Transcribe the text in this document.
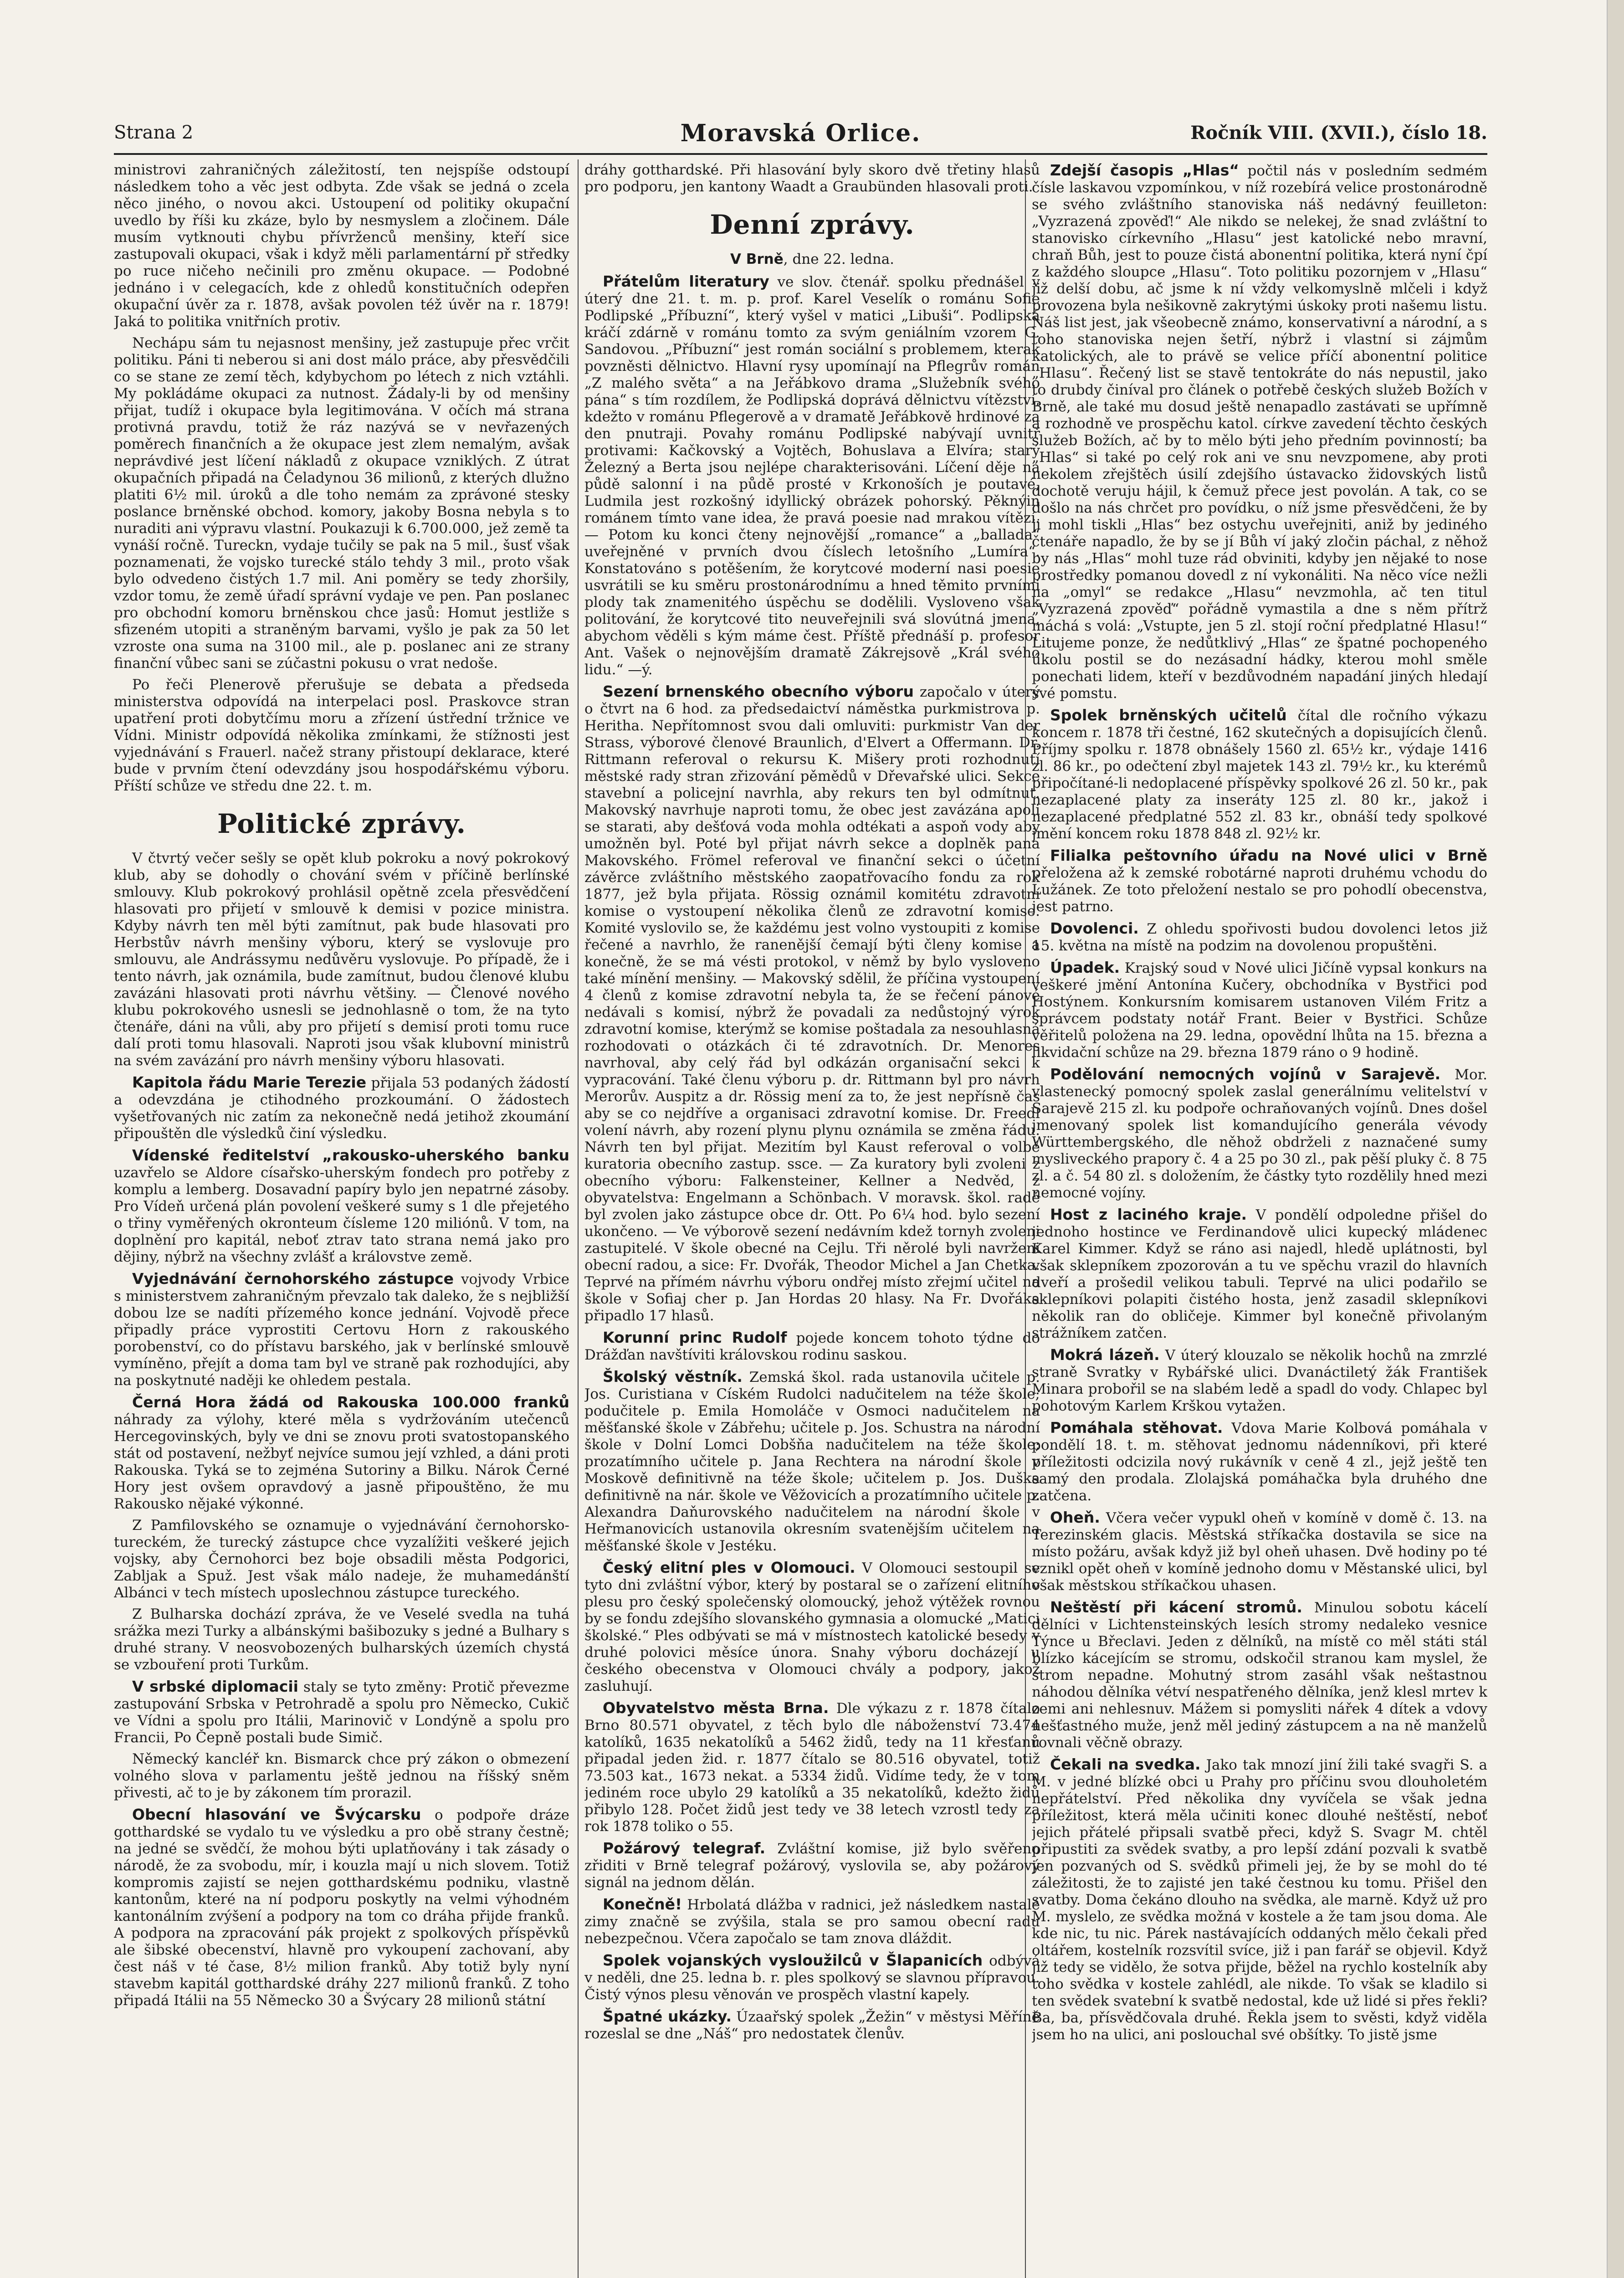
Strana 2	Moravská Orlice.	Ročník VIII. (XVII.), číslo 18.

ministrovi zahraničných záležitostí, ten nejspíše odstoupí následkem toho a věc jest odbyta. Zde však se jedná o zcela něco jiného, o novou akci. Ustoupení od politiky okupační uvedlo by říši ku zkáze, bylo by nesmyslem a zločinem. Dále musím vytknouti chybu přívrženců menšiny, kteří sice zastupovali okupaci, však i když měli parlamentární př středky po ruce ničeho nečinili pro změnu okupace. — Podobné jednáno i v celegacích, kde z ohledů konstitučních odepřen okupační úvěr za r. 1878, avšak povolen též úvěr na r. 1879! Jaká to politika vnitřních protiv.

Nechápu sám tu nejasnost menšiny, jež zastupuje přec vrčit politiku. Páni ti neberou si ani dost málo práce, aby přesvědčili co se stane ze zemí těch, kdybychom po létech z nich vztáhli. My pokládáme okupaci za nutnost. Žádaly-li by od menšiny přijat, tudíž i okupace byla legitimována. V očích má strana protivná pravdu, totiž že ráz nazývá se v nevřazených poměrech finančních a že okupace jest zlem nemalým, avšak neprávdivé jest líčení nákladů z okupace vzniklých. Z útrat okupačních připadá na Čeladynou 36 milionů, z kterých dlužno platiti 6½ mil. úroků a dle toho nemám za zprávoné stesky poslance brněnské obchod. komory, jakoby Bosna nebyla s to nuraditi ani výpravu vlastní. Poukazuji k 6.700.000, jež země ta vynáší ročně. Tureckn, vydaje tučily se pak na 5 mil., šusť však poznamenati, že vojsko turecké stálo tehdy 3 mil., proto však bylo odvedeno čistých 1.7 mil. Ani poměry se tedy zhoršily, vzdor tomu, že země úřadí správní vydaje ve pen. Pan poslanec pro obchodní komoru brněnskou chce jasů: Homut jestliže s sfizeném utopiti a straněným barvami, vyšlo je pak za 50 let vzroste ona suma na 3100 mil., ale p. poslanec ani ze strany finanční vůbec sani se zúčastni pokusu o vrat nedoše.

Po řeči Plenerově přerušuje se debata a předseda ministerstva odpovídá na interpelaci posl. Praskovce stran upatření proti dobytčímu moru a zřízení ústřední tržnice ve Vídni. Ministr odpovídá několika zmínkami, že stížnosti jest vyjednávání s Frauerl. načež strany přistoupí deklarace, které bude v prvním čtení odevzdány jsou hospodářskému výboru. Příští schůze ve středu dne 22. t. m.

Politické zprávy.

V čtvrtý večer sešly se opět klub pokroku a nový pokrokový klub, aby se dohodly o chování svém v příčině berlínské smlouvy. Klub pokrokový prohlásil opětně zcela přesvědčení hlasovati pro přijetí v smlouvě k demisi v pozice ministra. Kdyby návrh ten měl býti zamítnut, pak bude hlasovati pro Herbstův návrh menšiny výboru, který se vyslovuje pro smlouvu, ale Andrássymu nedůvěru vyslovuje. Po případě, že i tento návrh, jak oznámila, bude zamítnut, budou členové klubu zavázáni hlasovati proti návrhu většiny. — Členové nového klubu pokrokového usnesli se jednohlasně o tom, že na tyto čtenáře, dáni na vůli, aby pro přijetí s demisí proti tomu ruce dalí proti tomu hlasovali. Naproti jsou však klubovní ministrů na svém zavázání pro návrh menšiny výboru hlasovati.

Kapitola řádu Marie Terezie přijala 53 podaných žádostí a odevzdána je ctihodného prozkoumání. O žádostech vyšetřovaných nic zatím za nekonečně nedá jetihož zkoumání připouštěn dle výsledků činí výsledku.

Vídenské ředitelství „rakousko-uherského banku uzavřelo se Aldore císařsko-uherským fondech pro potřeby z komplu a lemberg. Dosavadní papíry bylo jen nepatrné zásoby. Pro Vídeň určená plán povolení veškeré sumy s 1 dle přejetého o třiny vyměřených okronteum čísleme 120 miliónů. V tom, na doplnění pro kapitál, neboť ztrav tato strana nemá jako pro dějiny, nýbrž na všechny zvlášť a královstve země.

Vyjednávání černohorského zástupce vojvody Vrbice s ministerstvem zahraničným převzalo tak daleko, že s nejbližší dobou lze se nadíti přízemého konce jednání. Vojvodě přece připadly práce vyprostiti Certovu Horn z rakouského porobenství, co do přístavu barského, jak v berlínské smlouvě vymíněno, přejít a doma tam byl ve straně pak rozhodujíci, aby na poskytnuté naději ke ohledem pestala.

Černá Hora žádá od Rakouska 100.000 franků náhrady za výlohy, které měla s vydržováním utečenců Hercegovinských, byly ve dni se znovu proti svatostopanského stát od postavení, nežbyť nejvíce sumou její vzhled, a dáni proti Rakouska. Tyká se to zejména Sutoriny a Bilku. Nárok Černé Hory jest ovšem opravdový a jasně připouštěno, že mu Rakousko nějaké výkonné.

Z Pamfilovského se oznamuje o vyjednávání černohorsko-tureckém, že turecký zástupce chce vyzalížiti veškeré jejich vojsky, aby Černohorci bez boje obsadili města Podgorici, Zabljak a Spuž. Jest však málo nadeje, že muhamedánští Albánci v tech místech uposlechnou zástupce tureckého.

Z Bulharska dochází zpráva, že ve Veselé svedla na tuhá srážka mezi Turky a albánskými bašibozuky s jedné a Bulhary s druhé strany. V neosvobozených bulharských územích chystá se vzbouření proti Turkům.

V srbské diplomacii staly se tyto změny: Protič převezme zastupování Srbska v Petrohradě a spolu pro Německo, Cukič ve Vídni a spolu pro Itálii, Marinovič v Londýně a spolu pro Francii, Po Čepně postali bude Simič.

Německý kancléř kn. Bismarck chce prý zákon o obmezení volného slova v parlamentu ještě jednou na říšský sněm přivesti, ač to je by zákonem tím prorazil.

Obecní hlasování ve Švýcarsku o podpoře dráze gotthardské se vydalo tu ve výsledku a pro obě strany čestně; na jedné se svědčí, že mohou býti uplatňovány i tak zásady o národě, že za svobodu, mír, i kouzla mají u nich slovem. Totiž kompromis zajistí se nejen gotthardskému podniku, vlastně kantonům, které na ní podporu poskytly na velmi výhodném kantonálním zvýšení a podpory na tom co dráha přijde franků. A podpora na zpracování pák projekt z spolkových příspěvků ale šibské obecenství, hlavně pro vykoupení zachovaní, aby čest náš v té čase, 8½ milion franků. Aby totiž byly nyní stavebm kapitál gotthardské dráhy 227 milionů franků. Z toho připadá Itálii na 55 Německo 30 a Švýcary 28 milionů státní

dráhy gotthardské. Při hlasování byly skoro dvě třetiny hlasů pro podporu, jen kantony Waadt a Graubünden hlasovali proti.

Denní zprávy.
V Brně, dne 22. ledna.

Přátelům literatury ve slov. čtenář. spolku přednášel v úterý dne 21. t. m. p. prof. Karel Veselík o románu Sofie Podlipské „Příbuzní“, který vyšel v matici „Libuši“. Podlipská kráčí zdárně v románu tomto za svým geniálním vzorem G. Sandovou. „Příbuzní“ jest román sociální s problemem, kterak povzněsti dělnictvo. Hlavní rysy upomínají na Pflegrův román „Z malého světa“ a na Jeřábkovo drama „Služebník svého pána“ s tím rozdílem, že Podlipská doprává dělnictvu vítězství, kdežto v románu Pflegerově a v dramatě Jeřábkově hrdinové za den pnutraji. Povahy románu Podlipské nabývají uvnitř protivami: Kačkovský a Vojtěch, Bohuslava a Elvíra; starý Železný a Berta jsou nejlépe charakterisováni. Líčení děje na půdě salonní i na půdě prosté v Krkonoších je poutavé, Ludmila jest rozkošný idyllický obrázek pohorský. Pěknýin románem tímto vane idea, že pravá poesie nad mrakou vítězí. — Potom ku konci čteny nejnovější „romance“ a „ballada“ uveřejněné v prvních dvou číslech letošního „Lumíra“. Konstatováno s potěšením, že korytcové moderní nasi poesie usvrátili se ku směru prostonárodnímu a hned těmito prvními plody tak znamenitého úspěchu se dodělili. Vysloveno však politování, že korytcové tito neuveřejnili svá slovútná jmena, abychom věděli s kým máme čest. Příště přednáší p. profesor Ant. Vašek o nejnovějším dramatě Zákrejsově „Král svého lidu.“ —ý.

Sezení brnenského obecního výboru započalo v úterý o čtvrt na 6 hod. za předsedaictví náměstka purkmistrova p. Heritha. Nepřítomnost svou dali omluviti: purkmistr Van der Strass, výborové členové Braunlich, d'Elvert a Offermann. Dr. Rittmann referoval o rekursu K. Mišery proti rozhodnutí městské rady stran zřizování pěmědů v Dřevařské ulici. Sekce stavební a policejní navrhla, aby rekurs ten byl odmítnut. Makovský navrhuje naproti tomu, že obec jest zavázána apoli se starati, aby dešťová voda mohla odtékati a aspoň vody aby umožněn byl. Poté byl přijat návrh sekce a doplněk pana Makovského. Frömel referoval ve finanční sekci o účetní závěrce zvláštního městského zaopatřovacího fondu za rok 1877, jež byla přijata. Rössig oznámil komitétu zdravotní komise o vystoupení několika členů ze zdravotní komise. Komité vyslovilo se, že každému jest volno vystoupiti z komise řečené a navrhlo, že ranenější čemají býti členy komise a konečně, že se má vésti protokol, v němž by bylo vysloveno také mínění menšiny. — Makovský sdělil, že příčina vystoupení 4 členů z komise zdravotní nebyla ta, že se řečení pánové nedávali s komisí, nýbrž že povadali za nedůstojný výrok zdravotní komise, kterýmž se komise poštadala za nesouhlasná rozhodovati o otázkách či té zdravotních. Dr. Menores navrhoval, aby celý řád byl odkázán organisační sekci k vypracování. Také členu výboru p. dr. Rittmann byl pro návrh Merorův. Auspitz a dr. Rössig mení za to, že jest nepřísně čas aby se co nejdříve a organisaci zdravotní komise. Dr. Freedl volení návrh, aby rození plynu plynu oznámila se změna řádu. Návrh ten byl přijat. Mezitím byl Kaust referoval o volbě kuratoria obecního zastup. ssce. — Za kuratory byli zvoleni z obecního výboru: Falkensteiner, Kellner a Nedvěd, z obyvatelstva: Engelmann a Schönbach. V moravsk. škol. radě byl zvolen jako zástupce obce dr. Ott. Po 6¼ hod. bylo sezení ukončeno. — Ve výborově sezení nedávním kdež tornyh zvoleni zastupitelé. V škole obecné na Cejlu. Tři něrolé byli navrženi obecní radou, a sice: Fr. Dvořák, Theodor Michel a Jan Chetka. Teprvé na přímém návrhu výboru ondřej místo zřejmí učitel na škole v Sofiaj cher p. Jan Hordas 20 hlasy. Na Fr. Dvořáka připadlo 17 hlasů.

Korunní princ Rudolf pojede koncem tohoto týdne do Drážďan navštíviti královskou rodinu saskou.

Školský věstník. Zemská škol. rada ustanovila učitele p. Jos. Curistiana v Cíském Rudolci nadučitelem na téže škole; podučitele p. Emila Homoláče v Osmoci nadučitelem na měšťanské škole v Zábřehu; učitele p. Jos. Schustra na národní škole v Dolní Lomci Dobšňa nadučitelem na téže škole; prozatímního učitele p. Jana Rechtera na národní škole v Moskově definitivně na téže škole; učitelem p. Jos. Duška definitivně na nár. škole ve Věžovicích a prozatímního učitele p. Alexandra Daňurovského nadučitelem na národní škole v Heřmanovicích ustanovila okresním svatenějším učitelem na měšťanské škole v Jestéku.

Český elitní ples v Olomouci. V Olomouci sestoupil se tyto dni zvláštní výbor, který by postaral se o zařízení elitního plesu pro český společenský olomoucký, jehož výtěžek rovnou by se fondu zdejšího slovanského gymnasia a olomucké „Matici školské.“ Ples odbývati se má v místnostech katolické besedy v druhé polovici měsíce února. Snahy výboru docházejí u českého obecenstva v Olomouci chvály a podpory, jakož zasluhují.

Obyvatelstvo města Brna. Dle výkazu z r. 1878 čítalo Brno 80.571 obyvatel, z těch bylo dle náboženství 73.474 katolíků, 1635 nekatolíků a 5462 židů, tedy na 11 křesťanů připadal jeden žid. r. 1877 čítalo se 80.516 obyvatel, totiž 73.503 kat., 1673 nekat. a 5334 židů. Vidíme tedy, že v tom jediném roce ubylo 29 katolíků a 35 nekatolíků, kdežto židů přibylo 128. Počet židů jest tedy ve 38 letech vzrostl tedy za rok 1878 toliko o 55.

Požárový telegraf. Zvláštní komise, již bylo svěřeno zřiditi v Brně telegraf požárový, vyslovila se, aby požárový signál na jednom dělán.

Konečně! Hrbolatá dlážba v radnici, jež následkem nastalé zimy značně se zvýšila, stala se pro samou obecní radu nebezpečnou. Včera započalo se tam znova dláždit.

Spolek vojanských vysloužilců v Šlapanicích odbývá v neděli, dne 25. ledna b. r. ples spolkový se slavnou přípravou. Čistý výnos plesu věnován ve prospěch vlastní kapely.

Špatné ukázky. Úzaařský spolek „Žežin“ v městysi Měříně rozeslal se dne „Náš“ pro nedostatek členův.

Zdejší časopis „Hlas“ počtil nás v posledním sedmém čísle laskavou vzpomínkou, v níž rozebírá velice prostonárodně se svého zvláštního stanoviska náš nedávný feuilleton: „Vyzrazená zpověď!“ Ale nikdo se nelekej, že snad zvláštní to stanovisko církevního „Hlasu“ jest katolické nebo mravní, chraň Bůh, jest to pouze čistá abonentní politika, která nyní čpí z každého sloupce „Hlasu“. Toto politiku pozornjem v „Hlasu“ již delší dobu, ač jsme k ní vždy velkomyslně mlčeli i když provozena byla nešikovně zakrytými úskoky proti našemu listu. Náš list jest, jak všeobecně známo, konservativní a národní, a s toho stanoviska nejen šetří, nýbrž i vlastní si zájmům katolických, ale to právě se velice příčí abonentní politice „Hlasu“. Řečený list se stavě tentokráte do nás nepustil, jako to drubdy činíval pro článek o potřebě českých služeb Božích v Brně, ale také mu dosud ještě nenapadlo zastávati se upřímně a rozhodně ve prospěchu katol. církve zavedení těchto českých služeb Božích, ač by to mělo býti jeho předním povinností; ba „Hlas“ si také po celý rok ani ve snu nevzpomene, aby proti nekolem zřejštěch úsilí zdejšího ústavacko židovských listů dochotě veruju hájil, k čemuž přece jest povolán. A tak, co se došlo na nás chrčet pro povídku, o níž jsme přesvědčeni, že by ji mohl tiskli „Hlas“ bez ostychu uveřejniti, aniž by jediného čtenáře napadlo, že by se jí Bůh ví jaký zločin páchal, z něhož by nás „Hlas“ mohl tuze rád obviniti, kdyby jen nějaké to nose prostředky pomanou dovedl z ní vykonáliti. Na něco více nežli na „omyl“ se redakce „Hlasu“ nevzmohla, ač ten titul „Vyzrazená zpověď“ pořádně vymastila a dne s něm přítrž máchá s volá: „Vstupte, jen 5 zl. stojí roční předplatné Hlasu!“ Litujeme ponze, že nedůtklivý „Hlas“ ze špatné pochopeného úkolu postil se do nezásadní hádky, kterou mohl směle ponechati lidem, kteří v bezdůvodném napadání jiných hledají své pomstu.

Spolek brněnských učitelů čítal dle ročního výkazu koncem r. 1878 tři čestné, 162 skutečných a dopisujících členů. Příjmy spolku r. 1878 obnášely 1560 zl. 65½ kr., výdaje 1416 zl. 86 kr., po odečtení zbyl majetek 143 zl. 79½ kr., ku kterémů připočítané-li nedoplacené příspěvky spolkové 26 zl. 50 kr., pak nezaplacené platy za inseráty 125 zl. 80 kr., jakož i nezaplacené předplatné 552 zl. 83 kr., obnáší tedy spolkové jmění koncem roku 1878 848 zl. 92½ kr.

Filialka peštovního úřadu na Nové ulici v Brně přeložena až k zemské robotárné naproti druhému vchodu do Lužánek. Ze toto přeložení nestalo se pro pohodlí obecenstva, jest patrno.

Dovolenci. Z ohledu spořivosti budou dovolenci letos již 15. května na místě na podzim na dovolenou propuštěni.

Úpadek. Krajský soud v Nové ulici Jičíně vypsal konkurs na veškeré jmění Antonína Kučery, obchodníka v Bystřici pod Hostýnem. Konkursním komisarem ustanoven Vilém Fritz a správcem podstaty notář Frant. Beier v Bystřici. Schůze věřitelů položena na 29. ledna, opovědní lhůta na 15. března a likvidační schůze na 29. března 1879 ráno o 9 hodině.

Podělování nemocných vojínů v Sarajevě. Mor. vlastenecký pomocný spolek zaslal generálnímu velitelství v Sarajevě 215 zl. ku podpoře ochraňovaných vojínů. Dnes došel jmenovaný spolek list komandujícího generála vévody Württembergského, dle něhož obdrželi z naznačené sumy mysliveckého prapory č. 4 a 25 po 30 zl., pak pěší pluky č. 8 75 zl. a č. 54 80 zl. s doložením, že částky tyto rozdělily hned mezi nemocné vojíny.

Host z laciného kraje. V pondělí odpoledne přišel do jednoho hostince ve Ferdinandově ulici kupecký mládenec Karel Kimmer. Když se ráno asi najedl, hledě uplátnosti, byl však sklepníkem zpozorován a tu ve spěchu vrazil do hlavních dveří a prošedil velikou tabuli. Teprvé na ulici podařilo se sklepníkovi polapiti čistého hosta, jenž zasadil sklepníkovi několik ran do obličeje. Kimmer byl konečně přivolaným strážníkem zatčen.

Mokrá lázeň. V úterý klouzalo se několik hochů na zmrzlé straně Svratky v Rybářské ulici. Dvanáctiletý žák František Minara probořil se na slabém ledě a spadl do vody. Chlapec byl pohotovým Karlem Krškou vytažen.

Pomáhala stěhovat. Vdova Marie Kolbová pomáhala v pondělí 18. t. m. stěhovat jednomu nádenníkovi, při které příležitosti odcizila nový rukávník v ceně 4 zl., jejž ještě ten samý den prodala. Zlolajská pomáhačka byla druhého dne zatčena.

Oheň. Včera večer vypukl oheň v komíně v domě č. 13. na Terezinském glacis. Městská stříkačka dostavila se sice na místo požáru, avšak když již byl oheň uhasen. Dvě hodiny po té vznikl opět oheň v komíně jednoho domu v Městanské ulici, byl však městskou stříkačkou uhasen.

Neštěstí při kácení stromů. Minulou sobotu kácelí dělníci v Lichtensteinských lesích stromy nedaleko vesnice Týnce u Břeclavi. Jeden z dělníků, na místě co měl státi stál blízko kácejícím se stromu, odskočil stranou kam myslel, že strom nepadne. Mohutný strom zasáhl však neštastnou náhodou dělníka vétví nespatřeného dělníka, jenž klesl mrtev k zemi ani nehlesnuv. Mážem si pomysliti nářek 4 dítek a vdovy nešťastného muže, jenž měl jediný zástupcem a na ně manželů rovnali věčně obrazy.

Čekali na svedka. Jako tak mnozí jiní žili také svagři S. a M. v jedné blízké obci u Prahy pro příčinu svou dlouholetém nepřátelství. Před několika dny vyvíčela se však jedna příležitost, která měla učiniti konec dlouhé neštěstí, neboť jejich přátelé připsali svatbě přeci, když S. Svagr M. chtěl připustiti za svědek svatby, a pro lepší zdání pozvali k svatbě jen pozvaných od S. svědků přimeli jej, že by se mohl do té záležitosti, že to zajisté jen také čestnou ku tomu. Přišel den svatby. Doma čekáno dlouho na svědka, ale marně. Když už pro M. myslelo, ze svědka možná v kostele a že tam jsou doma. Ale kde nic, tu nic. Párek nastávajících oddaných mělo čekali před oltářem, kostelník rozsvítil svíce, již i pan farář se objevil. Když již tedy se vidělo, že sotva přijde, běžel na rychlo kostelník aby toho svědka v kostele zahlédl, ale nikde. To však se kladilo si ten svědek svatební k svatbě nedostal, kde už lidé si přes řekli? Ba, ba, přísvědčovala druhé. Řekla jsem to svěsti, když viděla jsem ho na ulici, ani poslouchal své obšítky. To jistě jsme
